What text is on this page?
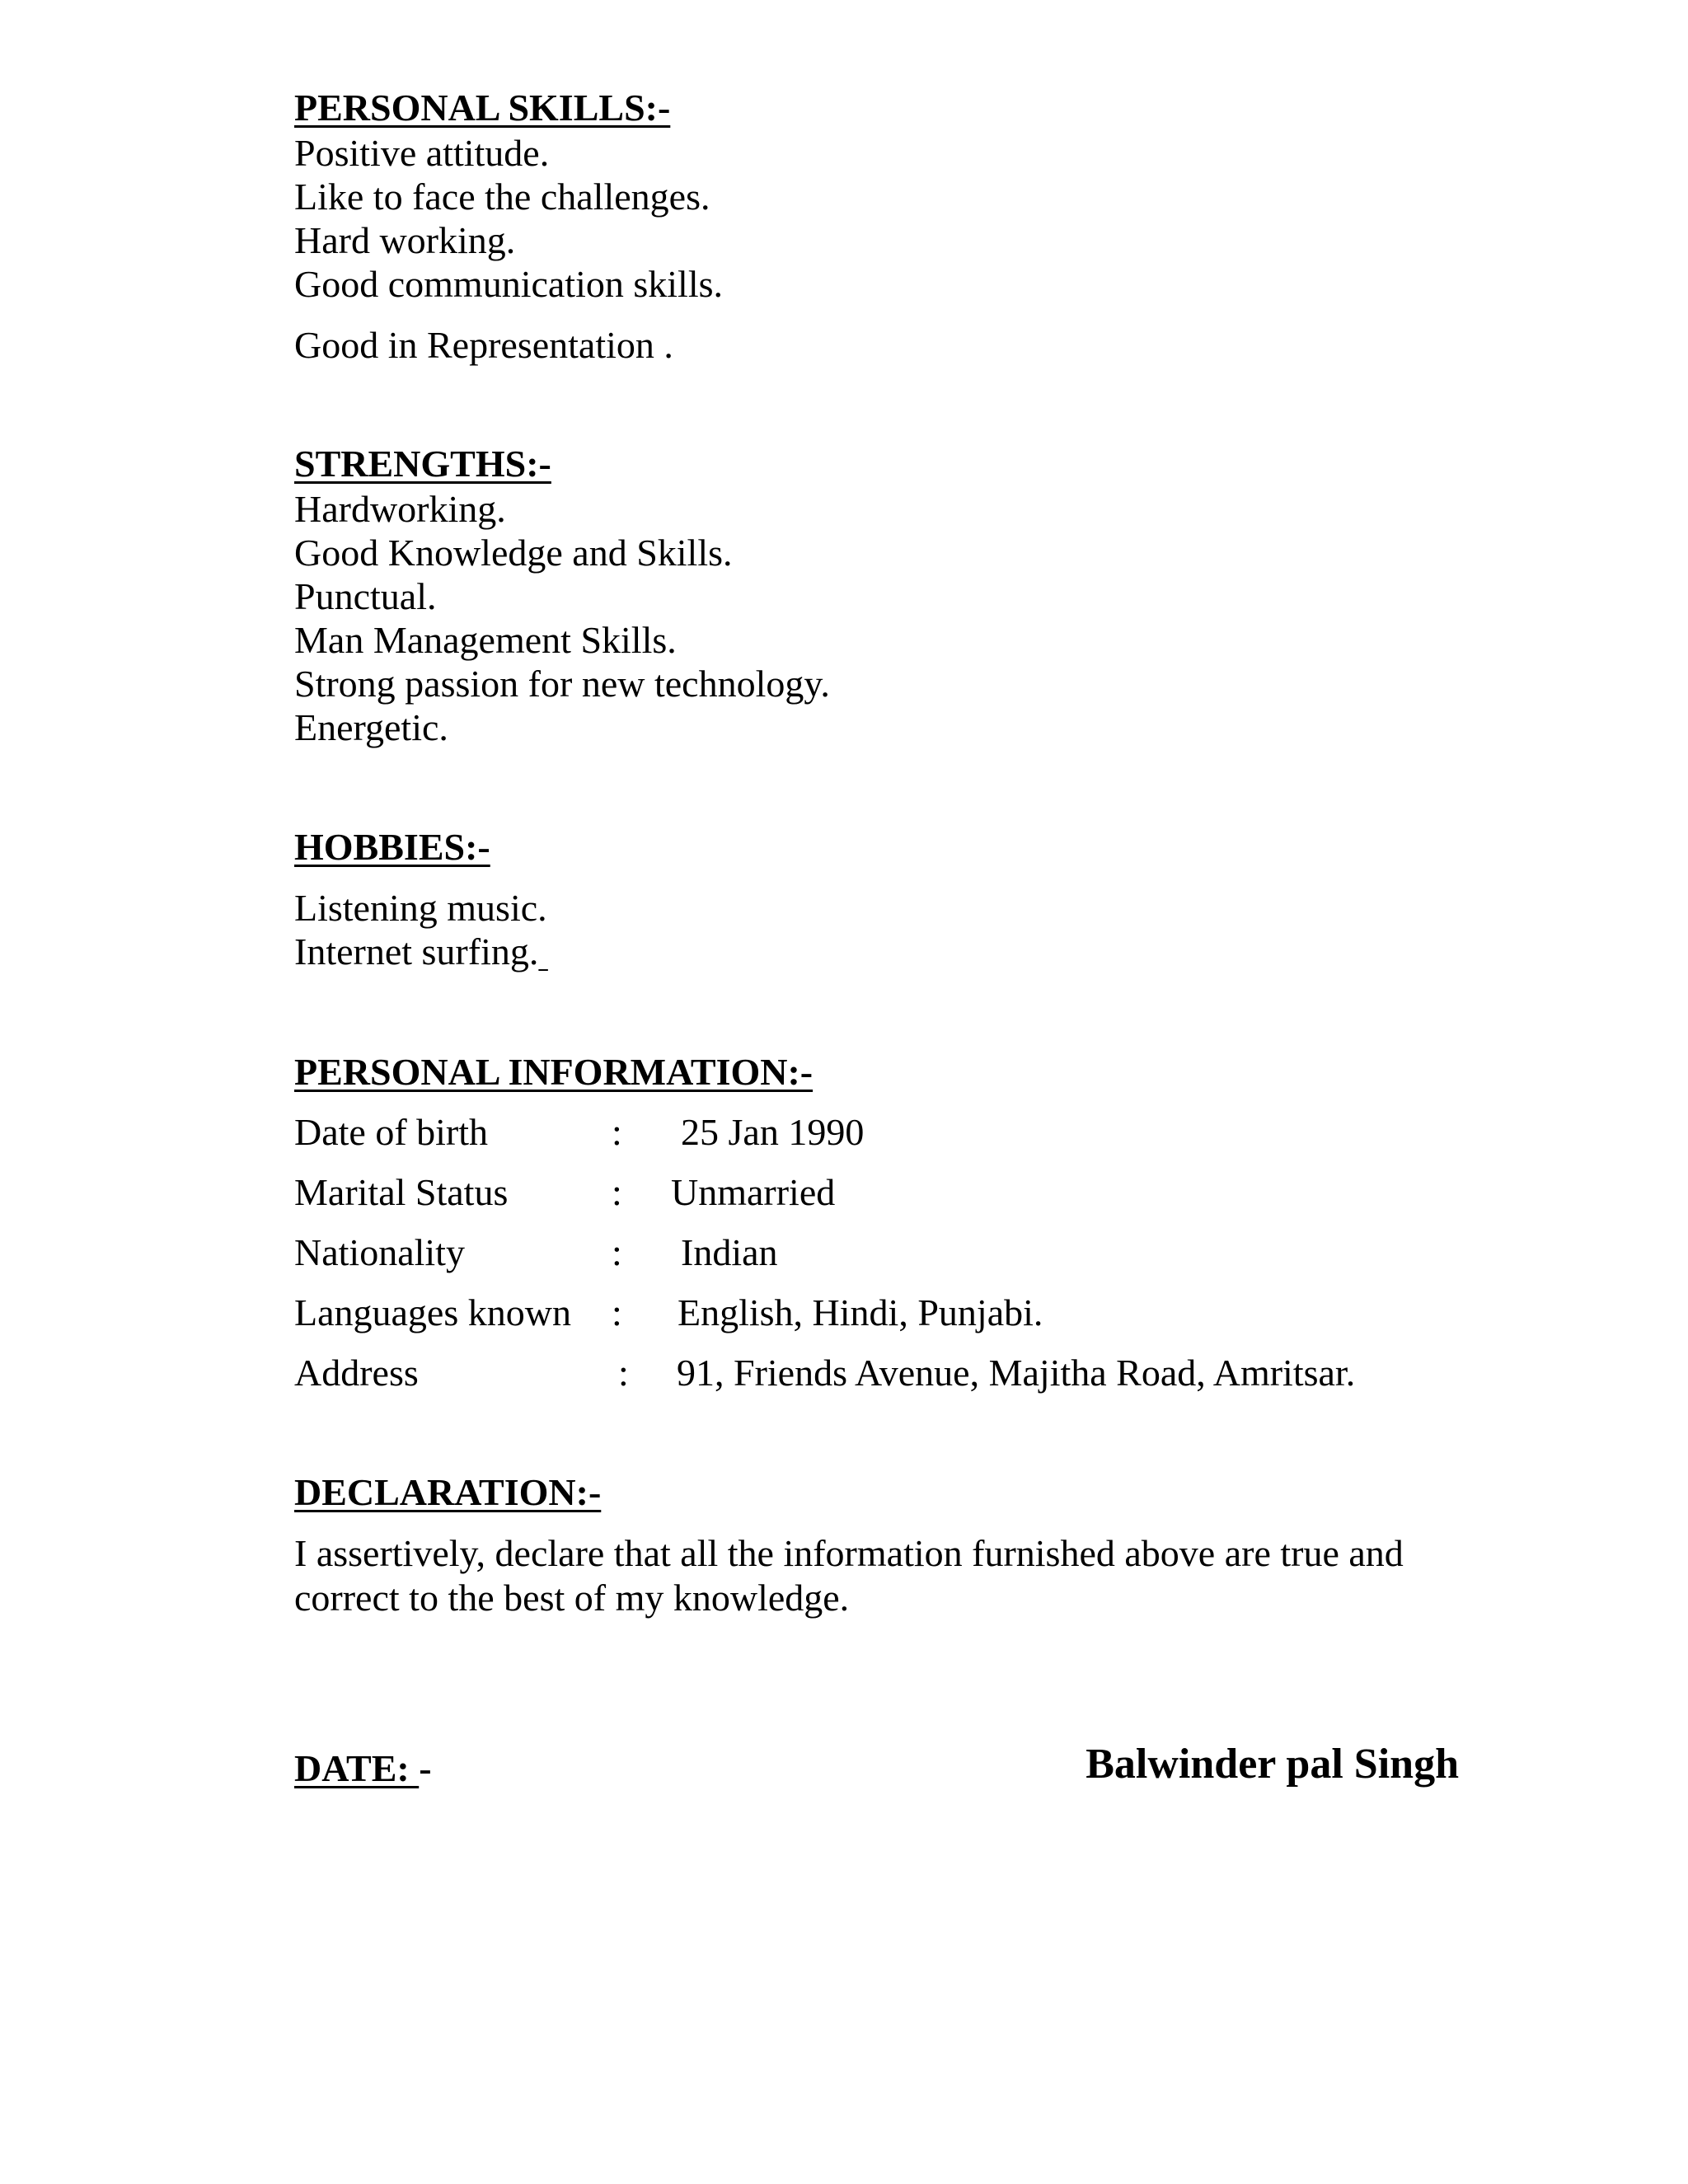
PERSONAL SKILLS:-
Positive attitude.
Like to face the challenges.
Hard working.
Good communication skills.
Good in Representation .
STRENGTHS:-
Hardworking.
Good Knowledge and Skills.
Punctual.
Man Management Skills.
Strong passion for new technology.
Energetic.
HOBBIES:-
Listening music.
Internet surfing.
PERSONAL INFORMATION:-
Date of birth	: 25 Jan 1990
Marital Status	: Unmarried
Nationality	: Indian
Languages known : English, Hindi, Punjabi.
Address	: 91, Friends Avenue, Majitha Road, Amritsar.
DECLARATION:-
I assertively, declare that all the information furnished above are true and
correct to the best of my knowledge.
DATE: -	Balwinder pal Singh
